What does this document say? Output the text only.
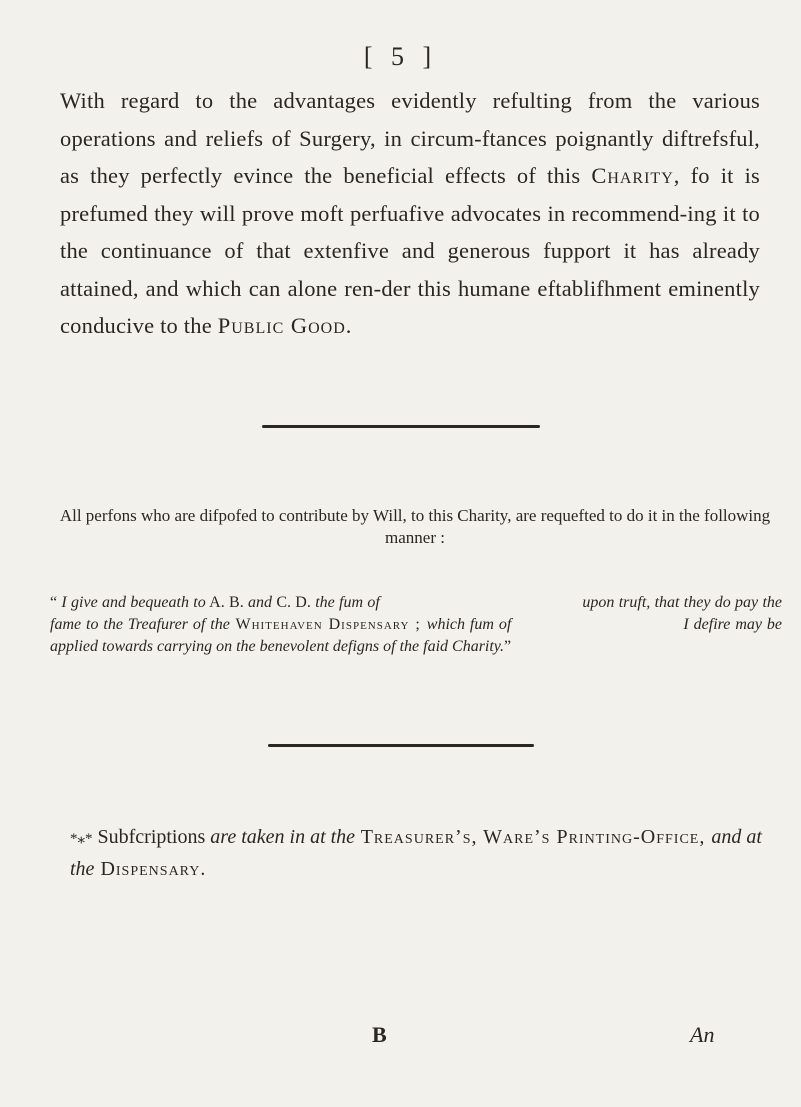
[ 5 ]

With regard to the advantages evidently refulting from the various operations and reliefs of Surgery, in circum-ftances poignantly diftrefsful, as they perfectly evince the beneficial effects of this Charity, fo it is prefumed they will prove moft perfuafive advocates in recommend-ing it to the continuance of that extenfive and generous fupport it has already attained, and which can alone ren-der this humane eftablifhment eminently conducive to the Public Good.

All perfons who are difpofed to contribute by Will, to this Charity, are requefted to do it in the following manner :

“ I give and bequeath to A. B. and C. D. the fum of                                               upon truft, that they do pay the fame to the Treafurer of the Whitehaven Dispensary ; which fum of                                   I defire may be applied towards carrying on the benevolent defigns of the faid Charity.”

*⁎* Subfcriptions are taken in at the Treasurer’s, Ware’s Printing-Office, and at the Dispensary.

B	An
